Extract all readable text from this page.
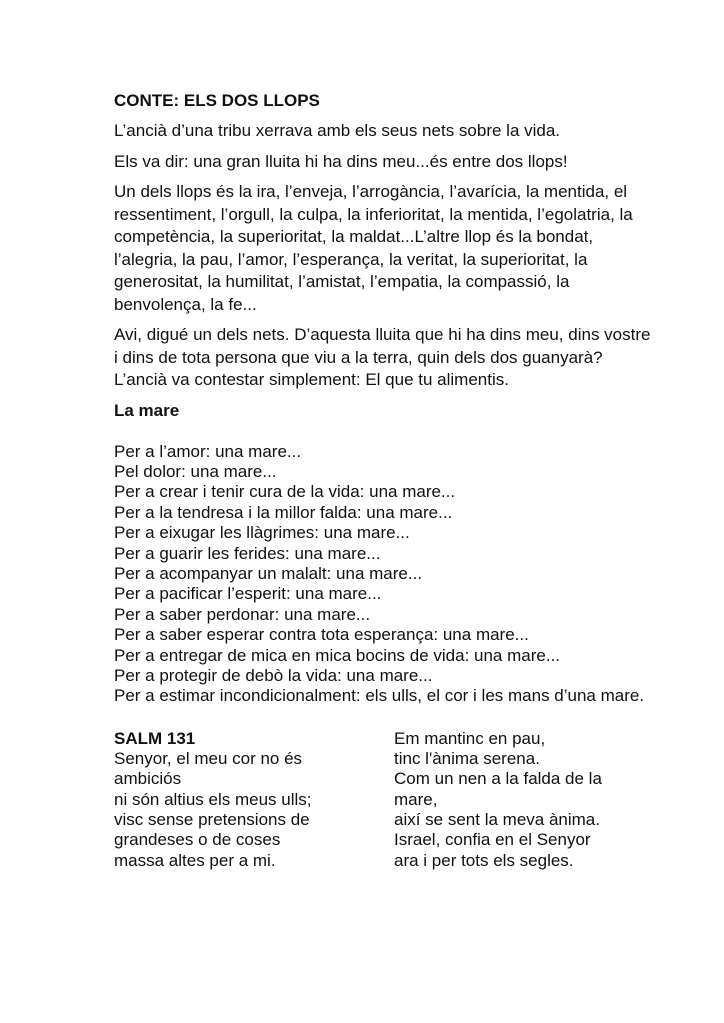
CONTE: ELS DOS LLOPS

L’ancià d’una tribu xerrava amb els seus nets sobre la vida.

Els va dir: una gran lluita hi ha dins meu...és entre dos llops!

Un dels llops és la ira, l’enveja, l’arrogància, l’avarícia, la mentida, el ressentiment, l’orgull, la culpa, la inferioritat, la mentida, l’egolatria, la competència, la superioritat, la maldat...L’altre llop és la bondat, l’alegria, la pau, l’amor, l’esperança, la veritat, la superioritat, la generositat, la humilitat, l’amistat, l’empatia, la compassió, la benvolença, la fe...

Avi, digué un dels nets. D’aquesta lluita que hi ha dins meu, dins vostre i dins de tota persona que viu a la terra, quin dels dos guanyarà? L’ancià va contestar simplement: El que tu alimentis.

La mare
Per a l’amor: una mare...
Pel dolor: una mare...
Per a crear i tenir cura de la vida: una mare...
Per a la tendresa i la millor falda: una mare...
Per a eixugar les llàgrimes: una mare...
Per a guarir les ferides: una mare...
Per a acompanyar un malalt: una mare...
Per a pacificar l’esperit: una mare...
Per a saber perdonar: una mare...
Per a saber esperar contra tota esperança: una mare...
Per a entregar de mica en mica bocins de vida: una mare...
Per a protegir de debò la vida: una mare...
Per a estimar incondicionalment: els ulls, el cor i les mans d’una mare.
SALM 131
Senyor, el meu cor no és
ambiciós
ni són altius els meus ulls;
visc sense pretensions de
grandeses o de coses
massa altes per a mi.
Em mantinc en pau,
tinc l'ànima serena.
Com un nen a la falda de la
mare,
així se sent la meva ànima.
Israel, confia en el Senyor
ara i per tots els segles.
